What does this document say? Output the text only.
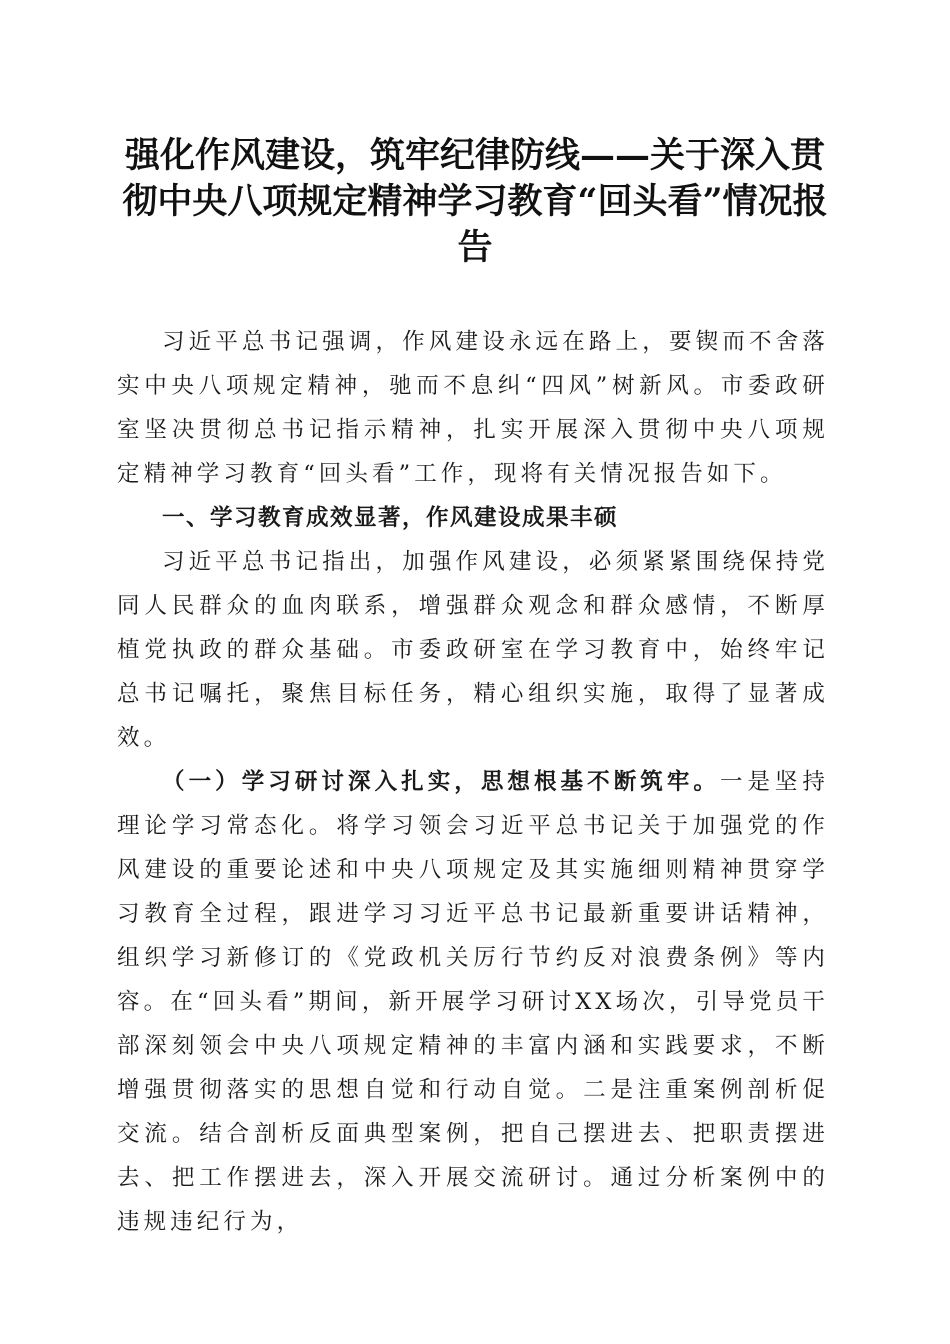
强化作风建设，筑牢纪律防线——关于深入贯彻中央八项规定精神学习教育“回头看”情况报告

习近平总书记强调，作风建设永远在路上，要锲而不舍落实中央八项规定精神，驰而不息纠“四风”树新风。市委政研室坚决贯彻总书记指示精神，扎实开展深入贯彻中央八项规定精神学习教育“回头看”工作，现将有关情况报告如下。

一、学习教育成效显著，作风建设成果丰硕

习近平总书记指出，加强作风建设，必须紧紧围绕保持党同人民群众的血肉联系，增强群众观念和群众感情，不断厚植党执政的群众基础。市委政研室在学习教育中，始终牢记总书记嘱托，聚焦目标任务，精心组织实施，取得了显著成效。

（一）学习研讨深入扎实，思想根基不断筑牢。一是坚持理论学习常态化。将学习领会习近平总书记关于加强党的作风建设的重要论述和中央八项规定及其实施细则精神贯穿学习教育全过程，跟进学习习近平总书记最新重要讲话精神，组织学习新修订的《党政机关厉行节约反对浪费条例》等内容。在“回头看”期间，新开展学习研讨XX场次，引导党员干部深刻领会中央八项规定精神的丰富内涵和实践要求，不断增强贯彻落实的思想自觉和行动自觉。二是注重案例剖析促交流。结合剖析反面典型案例，把自己摆进去、把职责摆进去、把工作摆进去，深入开展交流研讨。通过分析案例中的违规违纪行为，
